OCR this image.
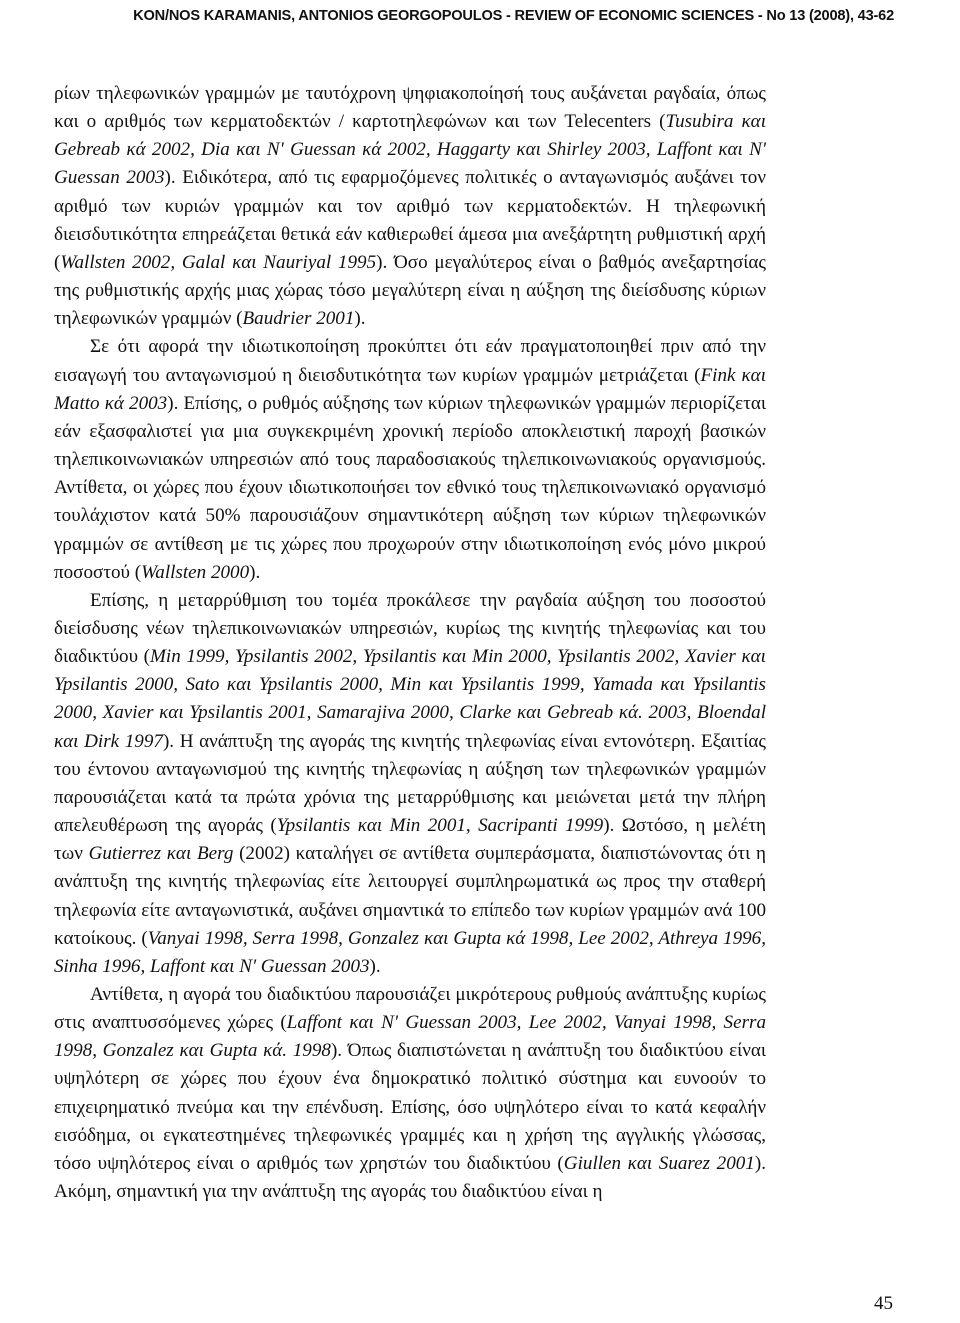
KON/NOS KARAMANIS, ANTONIOS GEORGOPOULOS - REVIEW OF ECONOMIC SCIENCES - No 13 (2008), 43-62

ρίων τηλεφωνικών γραμμών με ταυτόχρονη ψηφιακοποίησή τους αυξάνεται ραγδαία, όπως και ο αριθμός των κερματοδεκτών / καρτοτηλεφώνων και των Telecenters (Tusubira και Gebreab κά 2002, Dia και N' Guessan κά 2002, Haggarty και Shirley 2003, Laffont και N' Guessan 2003). Ειδικότερα, από τις εφαρμοζόμενες πολιτικές ο ανταγωνισμός αυξάνει τον αριθμό των κυριών γραμμών και τον αριθμό των κερματοδεκτών. Η τηλεφωνική διεισδυτικότητα επηρεάζεται θετικά εάν καθιερωθεί άμεσα μια ανεξάρτητη ρυθμιστική αρχή (Wallsten 2002, Galal και Nauriyal 1995). Όσο μεγαλύτερος είναι ο βαθμός ανεξαρτησίας της ρυθμιστικής αρχής μιας χώρας τόσο μεγαλύτερη είναι η αύξηση της διείσδυσης κύριων τηλεφωνικών γραμμών (Baudrier 2001).

Σε ότι αφορά την ιδιωτικοποίηση προκύπτει ότι εάν πραγματοποιηθεί πριν από την εισαγωγή του ανταγωνισμού η διεισδυτικότητα των κυρίων γραμμών μετριάζεται (Fink και Matto κά 2003). Επίσης, ο ρυθμός αύξησης των κύριων τηλεφωνικών γραμμών περιορίζεται εάν εξασφαλιστεί για μια συγκεκριμένη χρονική περίοδο αποκλειστική παροχή βασικών τηλεπικοινωνιακών υπηρεσιών από τους παραδοσιακούς τηλεπικοινωνιακούς οργανισμούς. Αντίθετα, οι χώρες που έχουν ιδιωτικοποιήσει τον εθνικό τους τηλεπικοινωνιακό οργανισμό τουλάχιστον κατά 50% παρουσιάζουν σημαντικότερη αύξηση των κύριων τηλεφωνικών γραμμών σε αντίθεση με τις χώρες που προχωρούν στην ιδιωτικοποίηση ενός μόνο μικρού ποσοστού (Wallsten 2000).

Επίσης, η μεταρρύθμιση του τομέα προκάλεσε την ραγδαία αύξηση του ποσοστού διείσδυσης νέων τηλεπικοινωνιακών υπηρεσιών, κυρίως της κινητής τηλεφωνίας και του διαδικτύου (Min 1999, Ypsilantis 2002, Ypsilantis και Min 2000, Ypsilantis 2002, Xavier και Ypsilantis 2000, Sato και Ypsilantis 2000, Min και Ypsilantis 1999, Yamada και Ypsilantis 2000, Xavier και Ypsilantis 2001, Samarajiva 2000, Clarke και Gebreab κά. 2003, Bloendal και Dirk 1997). Η ανάπτυξη της αγοράς της κινητής τηλεφωνίας είναι εντονότερη. Εξαιτίας του έντονου ανταγωνισμού της κινητής τηλεφωνίας η αύξηση των τηλεφωνικών γραμμών παρουσιάζεται κατά τα πρώτα χρόνια της μεταρρύθμισης και μειώνεται μετά την πλήρη απελευθέρωση της αγοράς (Ypsilantis και Min 2001, Sacripanti 1999). Ωστόσο, η μελέτη των Gutierrez και Berg (2002) καταλήγει σε αντίθετα συμπεράσματα, διαπιστώνοντας ότι η ανάπτυξη της κινητής τηλεφωνίας είτε λειτουργεί συμπληρωματικά ως προς την σταθερή τηλεφωνία είτε ανταγωνιστικά, αυξάνει σημαντικά το επίπεδο των κυρίων γραμμών ανά 100 κατοίκους. (Vanyai 1998, Serra 1998, Gonzalez και Gupta κά 1998, Lee 2002, Athreya 1996, Sinha 1996, Laffont και N' Guessan 2003).

Αντίθετα, η αγορά του διαδικτύου παρουσιάζει μικρότερους ρυθμούς ανάπτυξης κυρίως στις αναπτυσσόμενες χώρες (Laffont και N' Guessan 2003, Lee 2002, Vanyai 1998, Serra 1998, Gonzalez και Gupta κά. 1998). Όπως διαπιστώνεται η ανάπτυξη του διαδικτύου είναι υψηλότερη σε χώρες που έχουν ένα δημοκρατικό πολιτικό σύστημα και ευνοούν το επιχειρηματικό πνεύμα και την επένδυση. Επίσης, όσο υψηλότερο είναι το κατά κεφαλήν εισόδημα, οι εγκατεστημένες τηλεφωνικές γραμμές και η χρήση της αγγλικής γλώσσας, τόσο υψηλότερος είναι ο αριθμός των χρηστών του διαδικτύου (Giullen και Suarez 2001). Ακόμη, σημαντική για την ανάπτυξη της αγοράς του διαδικτύου είναι η

45
